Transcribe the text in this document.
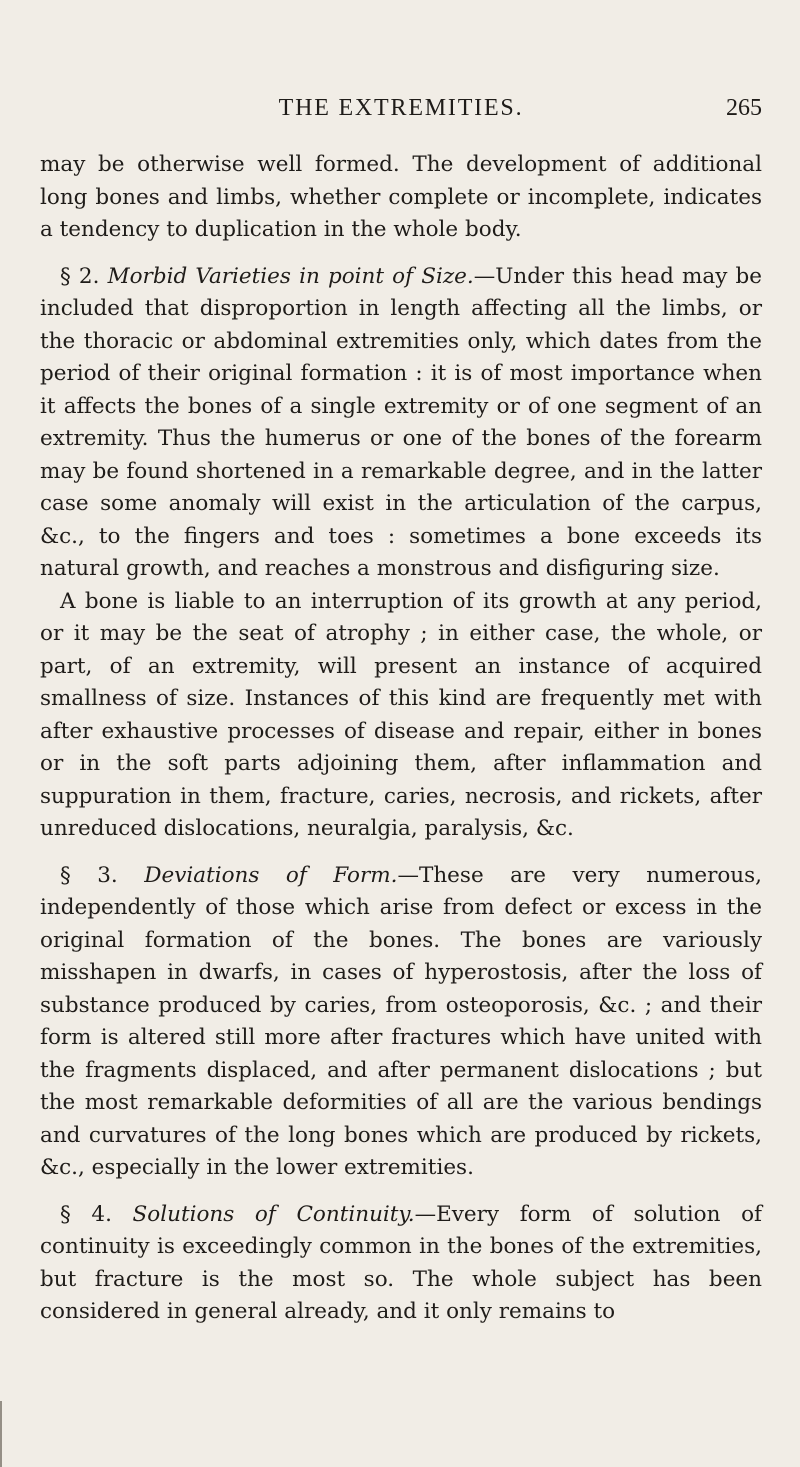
THE EXTREMITIES.	265

may be otherwise well formed. The development of additional long bones and limbs, whether complete or incomplete, indicates a tendency to duplication in the whole body.

§ 2. Morbid Varieties in point of Size.—Under this head may be included that disproportion in length affecting all the limbs, or the thoracic or abdominal extremities only, which dates from the period of their original formation : it is of most importance when it affects the bones of a single extremity or of one segment of an extremity. Thus the humerus or one of the bones of the forearm may be found shortened in a remarkable degree, and in the latter case some anomaly will exist in the articulation of the carpus, &c., to the fingers and toes : sometimes a bone exceeds its natural growth, and reaches a monstrous and disfiguring size.

A bone is liable to an interruption of its growth at any period, or it may be the seat of atrophy ; in either case, the whole, or part, of an extremity, will present an instance of acquired smallness of size. Instances of this kind are frequently met with after exhaustive processes of disease and repair, either in bones or in the soft parts adjoining them, after inflammation and suppuration in them, fracture, caries, necrosis, and rickets, after unreduced dislocations, neuralgia, paralysis, &c.

§ 3. Deviations of Form.—These are very numerous, independently of those which arise from defect or excess in the original formation of the bones. The bones are variously misshapen in dwarfs, in cases of hyperostosis, after the loss of substance produced by caries, from osteoporosis, &c. ; and their form is altered still more after fractures which have united with the fragments displaced, and after permanent dislocations ; but the most remarkable deformities of all are the various bendings and curvatures of the long bones which are produced by rickets, &c., especially in the lower extremities.

§ 4. Solutions of Continuity.—Every form of solution of continuity is exceedingly common in the bones of the extremities, but fracture is the most so. The whole subject has been considered in general already, and it only remains to
